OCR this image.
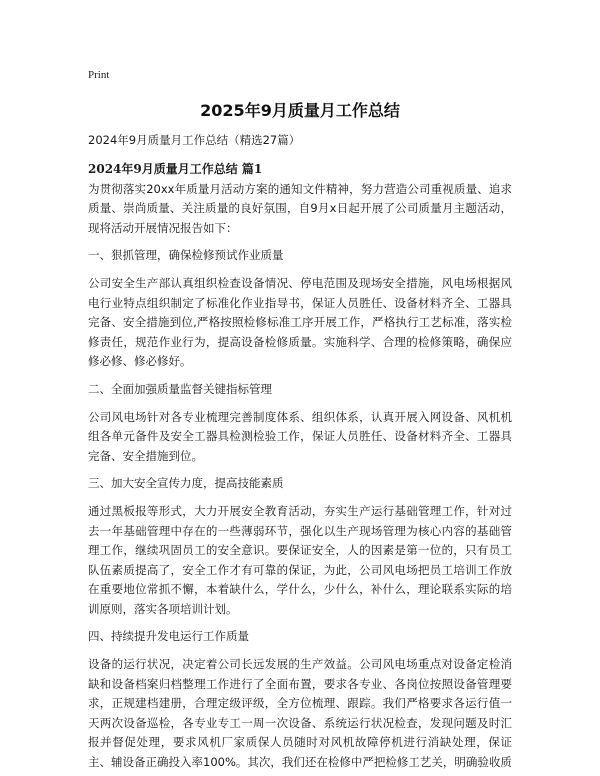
Print
2025年9月质量月工作总结
2024年9月质量月工作总结（精选27篇）

2024年9月质量月工作总结 篇1

为贯彻落实20xx年质量月活动方案的通知文件精神，努力营造公司重视质量、追求质量、崇尚质量、关注质量的良好氛围，自9月x日起开展了公司质量月主题活动，现将活动开展情况报告如下：

一、狠抓管理，确保检修预试作业质量

公司安全生产部认真组织检查设备情况、停电范围及现场安全措施，风电场根据风电行业特点组织制定了标准化作业指导书，保证人员胜任、设备材料齐全、工器具完备、安全措施到位,严格按照检修标准工序开展工作，严格执行工艺标准，落实检修责任，规范作业行为，提高设备检修质量。实施科学、合理的检修策略，确保应修必修、修必修好。

二、全面加强质量监督关键指标管理

公司风电场针对各专业梳理完善制度体系、组织体系，认真开展入网设备、风机机组各单元备件及安全工器具检测检验工作，保证人员胜任、设备材料齐全、工器具完备、安全措施到位。

三、加大安全宣传力度，提高技能素质

通过黑板报等形式，大力开展安全教育活动，夯实生产运行基础管理工作，针对过去一年基础管理中存在的一些薄弱环节，强化以生产现场管理为核心内容的基础管理工作，继续巩固员工的安全意识。要保证安全，人的因素是第一位的，只有员工队伍素质提高了，安全工作才有可靠的保证，为此，公司风电场把员工培训工作放在重要地位常抓不懈，本着缺什么，学什么，少什么，补什么，理论联系实际的培训原则，落实各项培训计划。

四、持续提升发电运行工作质量

设备的运行状况，决定着公司长远发展的生产效益。公司风电场重点对设备定检消缺和设备档案归档整理工作进行了全面布置，要求各专业、各岗位按照设备管理要求，正规建档建册，合理定级评级，全方位梳理、跟踪。我们严格要求各运行值一天两次设备巡检，各专业专工一周一次设备、系统运行状况检查，发现问题及时汇报并督促处理，要求风机厂家质保人员随时对风机故障停机进行消缺处理，保证主、辅设备正确投入率100%。其次，我们还在检修中严把检修工艺关，明确验收质
